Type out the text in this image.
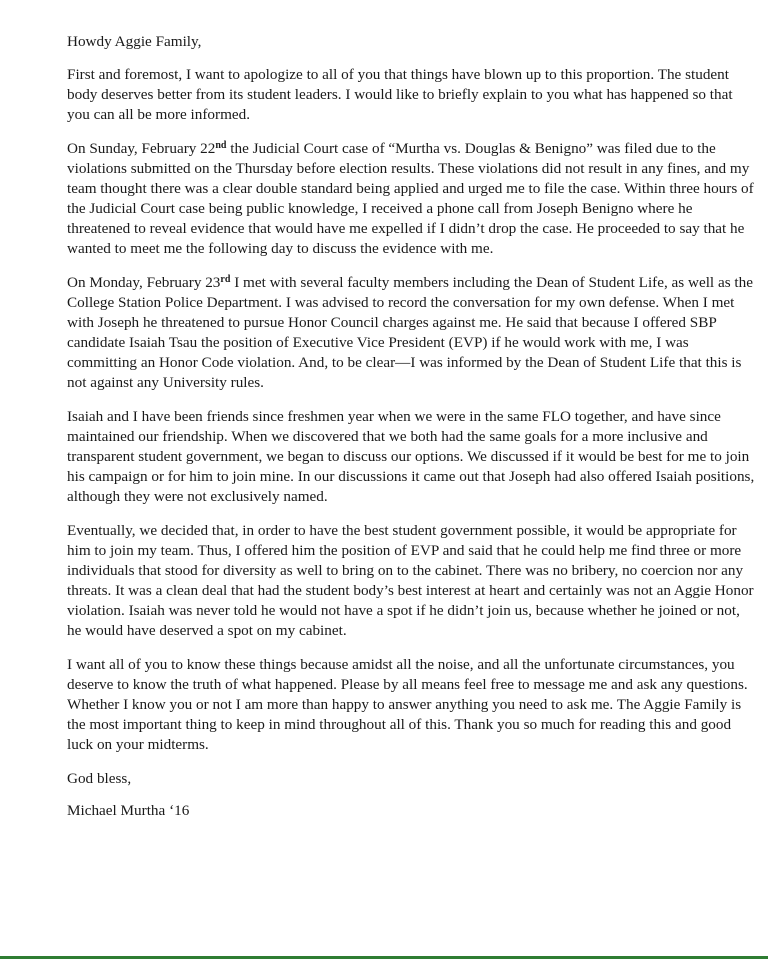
Howdy Aggie Family,

First and foremost, I want to apologize to all of you that things have blown up to this proportion. The student body deserves better from its student leaders. I would like to briefly explain to you what has happened so that you can all be more informed.

On Sunday, February 22nd the Judicial Court case of “Murtha vs. Douglas & Benigno” was filed due to the violations submitted on the Thursday before election results. These violations did not result in any fines, and my team thought there was a clear double standard being applied and urged me to file the case. Within three hours of the Judicial Court case being public knowledge, I received a phone call from Joseph Benigno where he threatened to reveal evidence that would have me expelled if I didn’t drop the case. He proceeded to say that he wanted to meet me the following day to discuss the evidence with me.

On Monday, February 23rd I met with several faculty members including the Dean of Student Life, as well as the College Station Police Department. I was advised to record the conversation for my own defense. When I met with Joseph he threatened to pursue Honor Council charges against me. He said that because I offered SBP candidate Isaiah Tsau the position of Executive Vice President (EVP) if he would work with me, I was committing an Honor Code violation. And, to be clear—I was informed by the Dean of Student Life that this is not against any University rules.

Isaiah and I have been friends since freshmen year when we were in the same FLO together, and have since maintained our friendship. When we discovered that we both had the same goals for a more inclusive and transparent student government, we began to discuss our options. We discussed if it would be best for me to join his campaign or for him to join mine. In our discussions it came out that Joseph had also offered Isaiah positions, although they were not exclusively named.

Eventually, we decided that, in order to have the best student government possible, it would be appropriate for him to join my team. Thus, I offered him the position of EVP and said that he could help me find three or more individuals that stood for diversity as well to bring on to the cabinet. There was no bribery, no coercion nor any threats. It was a clean deal that had the student body’s best interest at heart and certainly was not an Aggie Honor violation. Isaiah was never told he would not have a spot if he didn’t join us, because whether he joined or not, he would have deserved a spot on my cabinet.

I want all of you to know these things because amidst all the noise, and all the unfortunate circumstances, you deserve to know the truth of what happened. Please by all means feel free to message me and ask any questions. Whether I know you or not I am more than happy to answer anything you need to ask me. The Aggie Family is the most important thing to keep in mind throughout all of this. Thank you so much for reading this and good luck on your midterms.

God bless,

Michael Murtha ‘16
